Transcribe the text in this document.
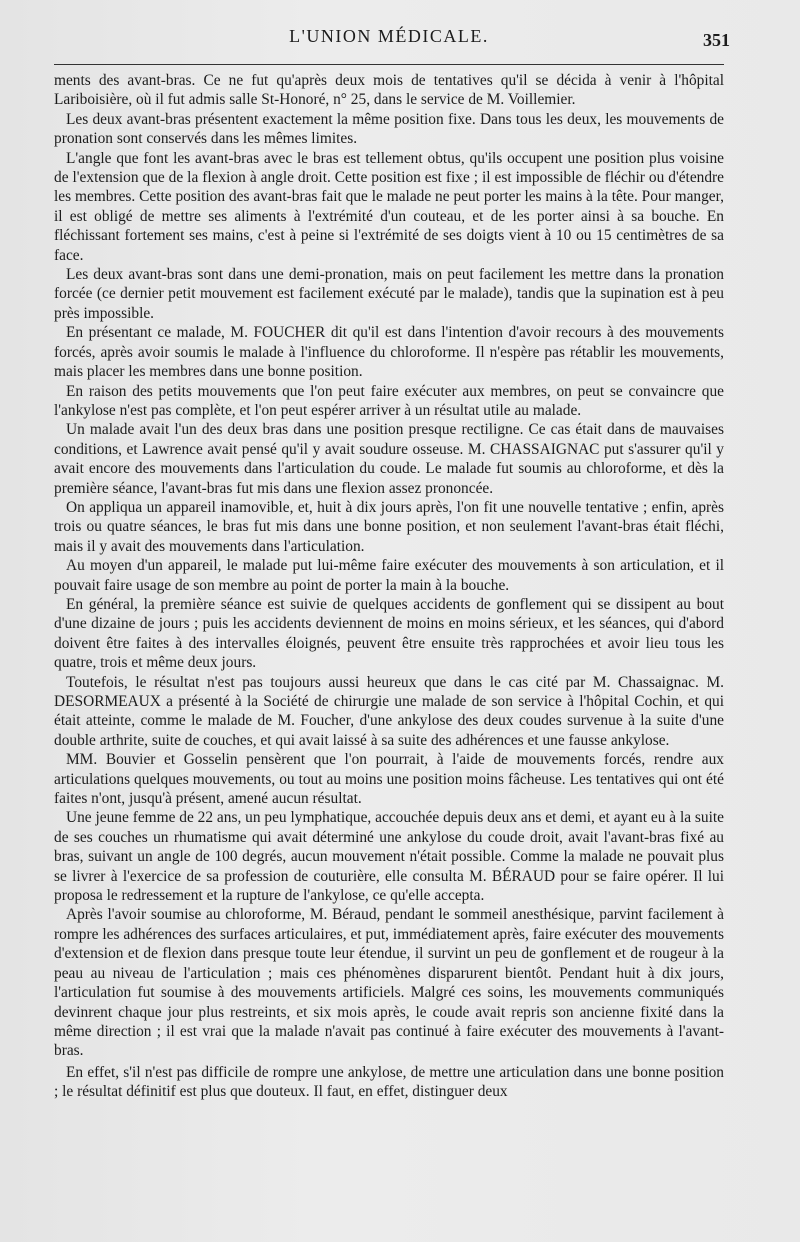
L'UNION MÉDICALE.	351

ments des avant-bras. Ce ne fut qu'après deux mois de tentatives qu'il se décida à venir à l'hôpital Lariboisière, où il fut admis salle St-Honoré, n° 25, dans le service de M. Voillemier.

Les deux avant-bras présentent exactement la même position fixe. Dans tous les deux, les mouvements de pronation sont conservés dans les mêmes limites.

L'angle que font les avant-bras avec le bras est tellement obtus, qu'ils occupent une position plus voisine de l'extension que de la flexion à angle droit. Cette position est fixe ; il est impossible de fléchir ou d'étendre les membres. Cette position des avant-bras fait que le malade ne peut porter les mains à la tête. Pour manger, il est obligé de mettre ses aliments à l'extrémité d'un couteau, et de les porter ainsi à sa bouche. En fléchissant fortement ses mains, c'est à peine si l'extrémité de ses doigts vient à 10 ou 15 centimètres de sa face.

Les deux avant-bras sont dans une demi-pronation, mais on peut facilement les mettre dans la pronation forcée (ce dernier petit mouvement est facilement exécuté par le malade), tandis que la supination est à peu près impossible.

En présentant ce malade, M. FOUCHER dit qu'il est dans l'intention d'avoir recours à des mouvements forcés, après avoir soumis le malade à l'influence du chloroforme. Il n'espère pas rétablir les mouvements, mais placer les membres dans une bonne position.

En raison des petits mouvements que l'on peut faire exécuter aux membres, on peut se convaincre que l'ankylose n'est pas complète, et l'on peut espérer arriver à un résultat utile au malade.

Un malade avait l'un des deux bras dans une position presque rectiligne. Ce cas était dans de mauvaises conditions, et Lawrence avait pensé qu'il y avait soudure osseuse. M. CHASSAIGNAC put s'assurer qu'il y avait encore des mouvements dans l'articulation du coude. Le malade fut soumis au chloroforme, et dès la première séance, l'avant-bras fut mis dans une flexion assez prononcée.

On appliqua un appareil inamovible, et, huit à dix jours après, l'on fit une nouvelle tentative ; enfin, après trois ou quatre séances, le bras fut mis dans une bonne position, et non seulement l'avant-bras était fléchi, mais il y avait des mouvements dans l'articulation.

Au moyen d'un appareil, le malade put lui-même faire exécuter des mouvements à son articulation, et il pouvait faire usage de son membre au point de porter la main à la bouche.

En général, la première séance est suivie de quelques accidents de gonflement qui se dissipent au bout d'une dizaine de jours ; puis les accidents deviennent de moins en moins sérieux, et les séances, qui d'abord doivent être faites à des intervalles éloignés, peuvent être ensuite très rapprochées et avoir lieu tous les quatre, trois et même deux jours.

Toutefois, le résultat n'est pas toujours aussi heureux que dans le cas cité par M. Chassaignac. M. DESORMEAUX a présenté à la Société de chirurgie une malade de son service à l'hôpital Cochin, et qui était atteinte, comme le malade de M. Foucher, d'une ankylose des deux coudes survenue à la suite d'une double arthrite, suite de couches, et qui avait laissé à sa suite des adhérences et une fausse ankylose.

MM. Bouvier et Gosselin pensèrent que l'on pourrait, à l'aide de mouvements forcés, rendre aux articulations quelques mouvements, ou tout au moins une position moins fâcheuse. Les tentatives qui ont été faites n'ont, jusqu'à présent, amené aucun résultat.

Une jeune femme de 22 ans, un peu lymphatique, accouchée depuis deux ans et demi, et ayant eu à la suite de ses couches un rhumatisme qui avait déterminé une ankylose du coude droit, avait l'avant-bras fixé au bras, suivant un angle de 100 degrés, aucun mouvement n'était possible. Comme la malade ne pouvait plus se livrer à l'exercice de sa profession de couturière, elle consulta M. BÉRAUD pour se faire opérer. Il lui proposa le redressement et la rupture de l'ankylose, ce qu'elle accepta.

Après l'avoir soumise au chloroforme, M. Béraud, pendant le sommeil anesthésique, parvint facilement à rompre les adhérences des surfaces articulaires, et put, immédiatement après, faire exécuter des mouvements d'extension et de flexion dans presque toute leur étendue, il survint un peu de gonflement et de rougeur à la peau au niveau de l'articulation ; mais ces phénomènes disparurent bientôt. Pendant huit à dix jours, l'articulation fut soumise à des mouvements artificiels. Malgré ces soins, les mouvements communiqués devinrent chaque jour plus restreints, et six mois après, le coude avait repris son ancienne fixité dans la même direction ; il est vrai que la malade n'avait pas continué à faire exécuter des mouvements à l'avant-bras.

En effet, s'il n'est pas difficile de rompre une ankylose, de mettre une articulation dans une bonne position ; le résultat définitif est plus que douteux. Il faut, en effet, distinguer deux
